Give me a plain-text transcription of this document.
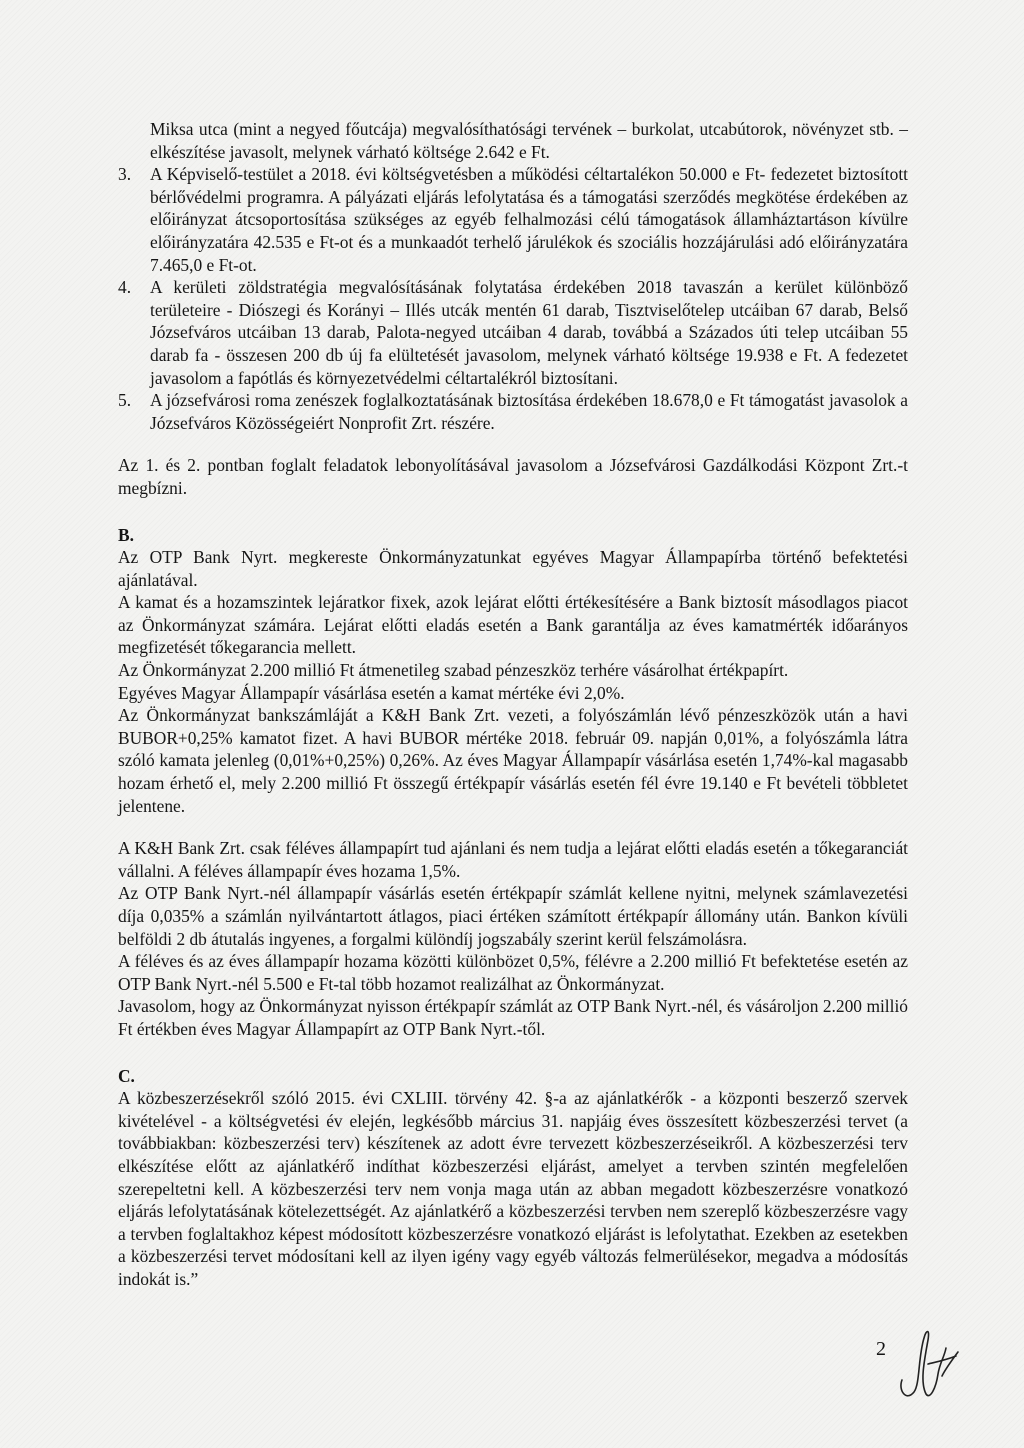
Miksa utca (mint a negyed főutcája) megvalósíthatósági tervének – burkolat, utcabútorok, növényzet stb. – elkészítése javasolt, melynek várható költsége 2.642 e Ft.

3. A Képviselő-testület a 2018. évi költségvetésben a működési céltartalékon 50.000 e Ft- fedezetet biztosított bérlővédelmi programra. A pályázati eljárás lefolytatása és a támogatási szerződés megkötése érdekében az előirányzat átcsoportosítása szükséges az egyéb felhalmozási célú támogatások államháztartáson kívülre előirányzatára 42.535 e Ft-ot és a munkaadót terhelő járulékok és szociális hozzájárulási adó előirányzatára 7.465,0 e Ft-ot.

4. A kerületi zöldstratégia megvalósításának folytatása érdekében 2018 tavaszán a kerület különböző területeire - Diószegi és Korányi – Illés utcák mentén 61 darab, Tisztviselőtelep utcáiban 67 darab, Belső Józsefváros utcáiban 13 darab, Palota-negyed utcáiban 4 darab, továbbá a Százados úti telep utcáiban 55 darab fa - összesen 200 db új fa elültetését javasolom, melynek várható költsége 19.938 e Ft. A fedezetet javasolom a fapótlás és környezetvédelmi céltartalékról biztosítani.

5. A józsefvárosi roma zenészek foglalkoztatásának biztosítása érdekében 18.678,0 e Ft támogatást javasolok a Józsefváros Közösségeiért Nonprofit Zrt. részére.

Az 1. és 2. pontban foglalt feladatok lebonyolításával javasolom a Józsefvárosi Gazdálkodási Központ Zrt.-t megbízni.

B.

Az OTP Bank Nyrt. megkereste Önkormányzatunkat egyéves Magyar Állampapírba történő befektetési ajánlatával.

A kamat és a hozamszintek lejáratkor fixek, azok lejárat előtti értékesítésére a Bank biztosít másodlagos piacot az Önkormányzat számára. Lejárat előtti eladás esetén a Bank garantálja az éves kamatmérték időarányos megfizetését tőkegarancia mellett.

Az Önkormányzat 2.200 millió Ft átmenetileg szabad pénzeszköz terhére vásárolhat értékpapírt.

Egyéves Magyar Állampapír vásárlása esetén a kamat mértéke évi 2,0%.

Az Önkormányzat bankszámláját a K&H Bank Zrt. vezeti, a folyószámlán lévő pénzeszközök után a havi BUBOR+0,25% kamatot fizet. A havi BUBOR mértéke 2018. február 09. napján 0,01%, a folyószámla látra szóló kamata jelenleg (0,01%+0,25%) 0,26%. Az éves Magyar Állampapír vásárlása esetén 1,74%-kal magasabb hozam érhető el, mely 2.200 millió Ft összegű értékpapír vásárlás esetén fél évre 19.140 e Ft bevételi többletet jelentene.

A K&H Bank Zrt. csak féléves állampapírt tud ajánlani és nem tudja a lejárat előtti eladás esetén a tőkegaranciát vállalni. A féléves állampapír éves hozama 1,5%.

Az OTP Bank Nyrt.-nél állampapír vásárlás esetén értékpapír számlát kellene nyitni, melynek számlavezetési díja 0,035% a számlán nyilvántartott átlagos, piaci értéken számított értékpapír állomány után. Bankon kívüli belföldi 2 db átutalás ingyenes, a forgalmi különdíj jogszabály szerint kerül felszámolásra.

A féléves és az éves állampapír hozama közötti különbözet 0,5%, félévre a 2.200 millió Ft befektetése esetén az OTP Bank Nyrt.-nél 5.500 e Ft-tal több hozamot realizálhat az Önkormányzat.

Javasolom, hogy az Önkormányzat nyisson értékpapír számlát az OTP Bank Nyrt.-nél, és vásároljon 2.200 millió Ft értékben éves Magyar Állampapírt az OTP Bank Nyrt.-től.

C.

A közbeszerzésekről szóló 2015. évi CXLIII. törvény 42. §-a az ajánlatkérők - a központi beszerző szervek kivételével - a költségvetési év elején, legkésőbb március 31. napjáig éves összesített közbeszerzési tervet (a továbbiakban: közbeszerzési terv) készítenek az adott évre tervezett közbeszerzéseikről. A közbeszerzési terv elkészítése előtt az ajánlatkérő indíthat közbeszerzési eljárást, amelyet a tervben szintén megfelelően szerepeltetni kell. A közbeszerzési terv nem vonja maga után az abban megadott közbeszerzésre vonatkozó eljárás lefolytatásának kötelezettségét. Az ajánlatkérő a közbeszerzési tervben nem szereplő közbeszerzésre vagy a tervben foglaltakhoz képest módosított közbeszerzésre vonatkozó eljárást is lefolytathat. Ezekben az esetekben a közbeszerzési tervet módosítani kell az ilyen igény vagy egyéb változás felmerülésekor, megadva a módosítás indokát is.”

2
